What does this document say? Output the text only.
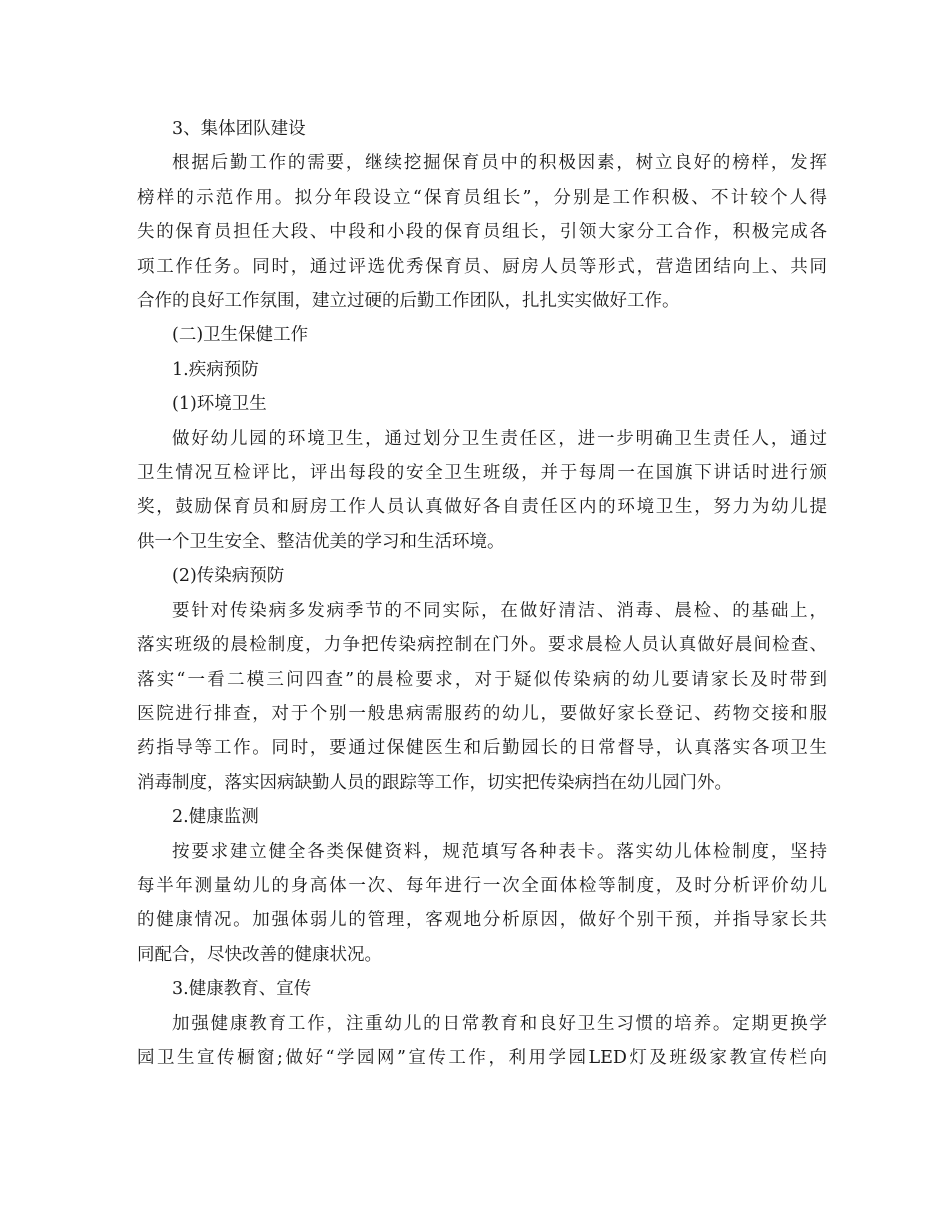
3、集体团队建设
根据后勤工作的需要，继续挖掘保育员中的积极因素，树立良好的榜样，发挥
榜样的示范作用。拟分年段设立“保育员组长”，分别是工作积极、不计较个人得
失的保育员担任大段、中段和小段的保育员组长，引领大家分工合作，积极完成各
项工作任务。同时，通过评选优秀保育员、厨房人员等形式，营造团结向上、共同
合作的良好工作氛围，建立过硬的后勤工作团队，扎扎实实做好工作。
(二)卫生保健工作
1.疾病预防
(1)环境卫生
做好幼儿园的环境卫生，通过划分卫生责任区，进一步明确卫生责任人，通过
卫生情况互检评比，评出每段的安全卫生班级，并于每周一在国旗下讲话时进行颁
奖，鼓励保育员和厨房工作人员认真做好各自责任区内的环境卫生，努力为幼儿提
供一个卫生安全、整洁优美的学习和生活环境。
(2)传染病预防
要针对传染病多发病季节的不同实际，在做好清洁、消毒、晨检、的基础上，
落实班级的晨检制度，力争把传染病控制在门外。要求晨检人员认真做好晨间检查、
落实“一看二模三问四查”的晨检要求，对于疑似传染病的幼儿要请家长及时带到
医院进行排查，对于个别一般患病需服药的幼儿，要做好家长登记、药物交接和服
药指导等工作。同时，要通过保健医生和后勤园长的日常督导，认真落实各项卫生
消毒制度，落实因病缺勤人员的跟踪等工作，切实把传染病挡在幼儿园门外。
2.健康监测
按要求建立健全各类保健资料，规范填写各种表卡。落实幼儿体检制度，坚持
每半年测量幼儿的身高体一次、每年进行一次全面体检等制度，及时分析评价幼儿
的健康情况。加强体弱儿的管理，客观地分析原因，做好个别干预，并指导家长共
同配合，尽快改善的健康状况。
3.健康教育、宣传
加强健康教育工作，注重幼儿的日常教育和良好卫生习惯的培养。定期更换学
园卫生宣传橱窗;做好“学园网”宣传工作，利用学园LED灯及班级家教宣传栏向
